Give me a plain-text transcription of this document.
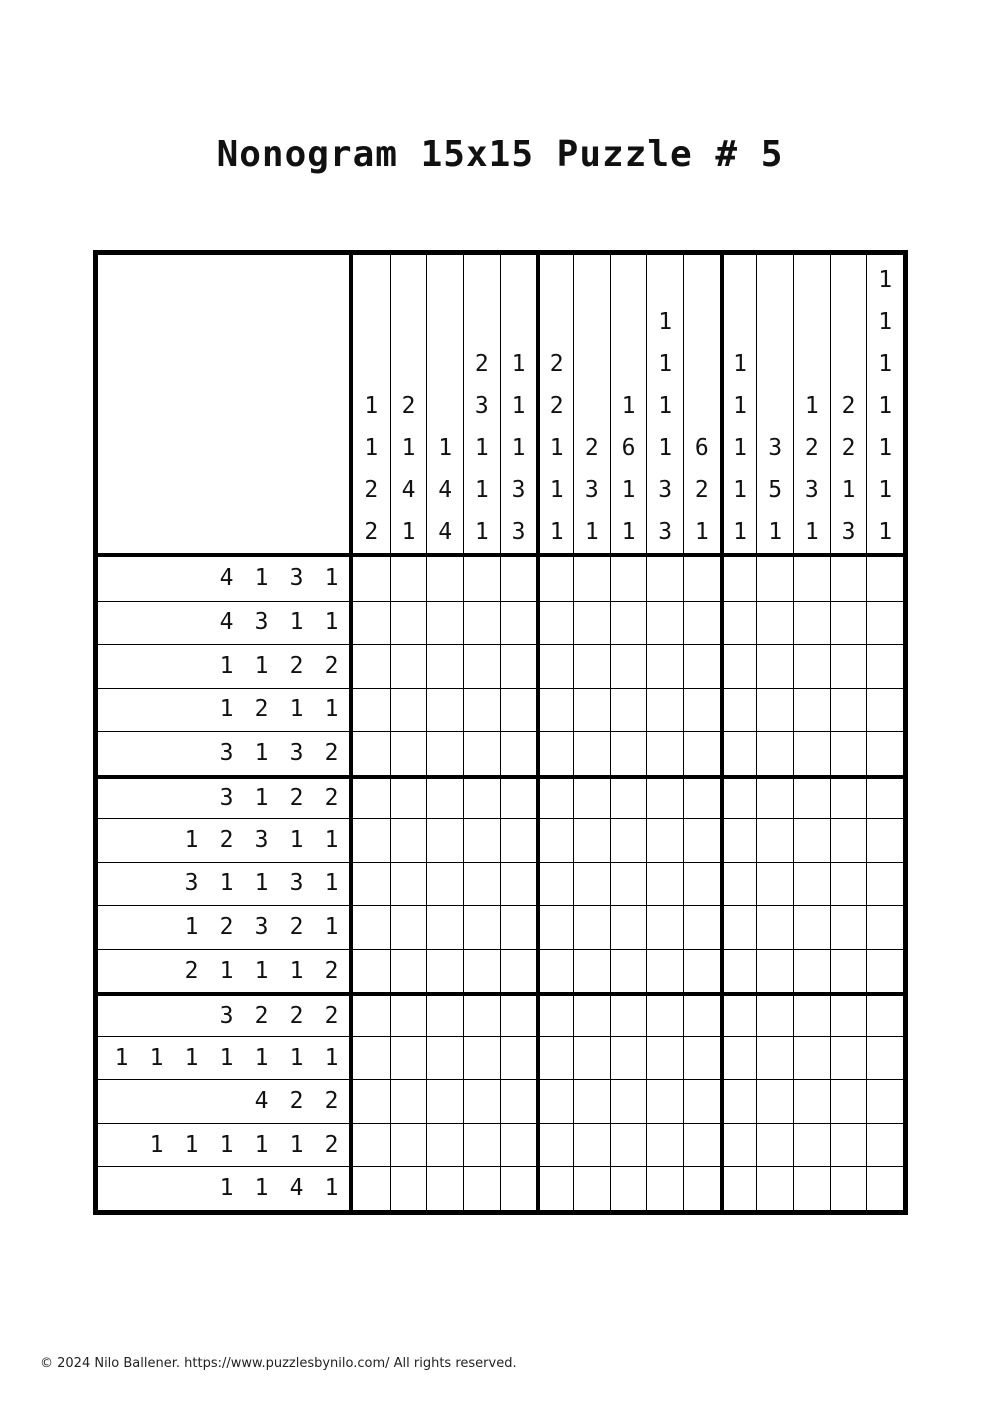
Nonogram 15x15 Puzzle # 5
1
1
2
2
2
1
4
1
1
4
4
2
3
1
1
1
1
1
1
3
3
2
2
1
1
1
2
3
1
1
6
1
1
1
1
1
1
3
3
6
2
1
1
1
1
1
1
3
5
1
1
2
3
1
2
2
1
3
1
1
1
1
1
1
1
4 1 3 1
4 3 1 1
1 1 2 2
1 2 1 1
3 1 3 2
3 1 2 2
1 2 3 1 1
3 1 1 3 1
1 2 3 2 1
2 1 1 1 2
3 2 2 2
1 1 1 1 1 1 1
4 2 2
1 1 1 1 1 2
1 1 4 1
© 2024 Nilo Ballener. https://www.puzzlesbynilo.com/ All rights reserved.
